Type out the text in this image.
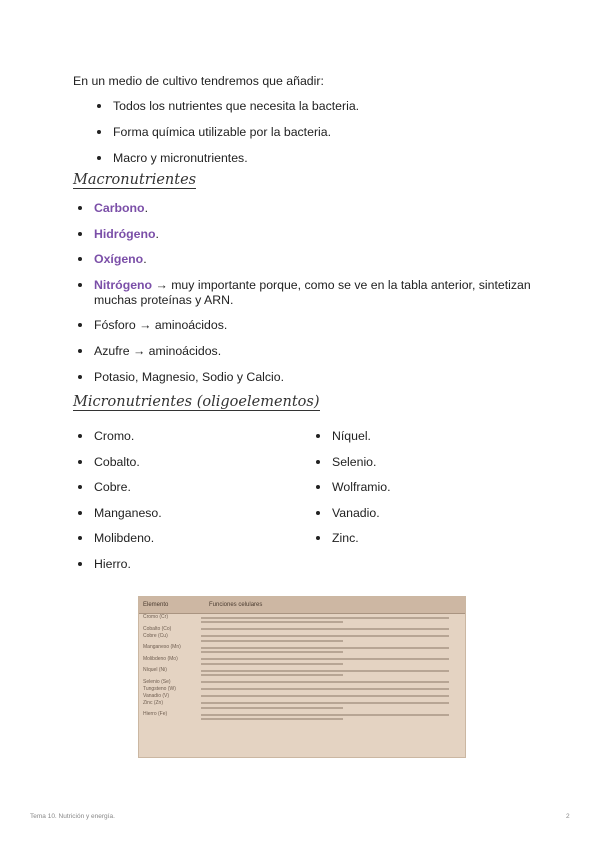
En un medio de cultivo tendremos que añadir:
Todos los nutrientes que necesita la bacteria.
Forma química utilizable por la bacteria.
Macro y micronutrientes.
Macronutrientes
Carbono.
Hidrógeno.
Oxígeno.
Nitrógeno → muy importante porque, como se ve en la tabla anterior, sintetizan muchas proteínas y ARN.
Fósforo → aminoácidos.
Azufre → aminoácidos.
Potasio, Magnesio, Sodio y Calcio.
Micronutrientes (oligoelementos)
Cromo.
Cobalto.
Cobre.
Manganeso.
Molibdeno.
Hierro.
Níquel.
Selenio.
Wolframio.
Vanadio.
Zinc.
Elemento	Funciones celulares
Cromo (Cr)
Cobalto (Co)
Cobre (Cu)
Manganeso (Mn)
Molibdeno (Mo)
Níquel (Ni)
Selenio (Se)
Tungsteno (W)
Vanadio (V)
Zinc (Zn)
Hierro (Fe)
Tema 10. Nutrición y energía.	2
